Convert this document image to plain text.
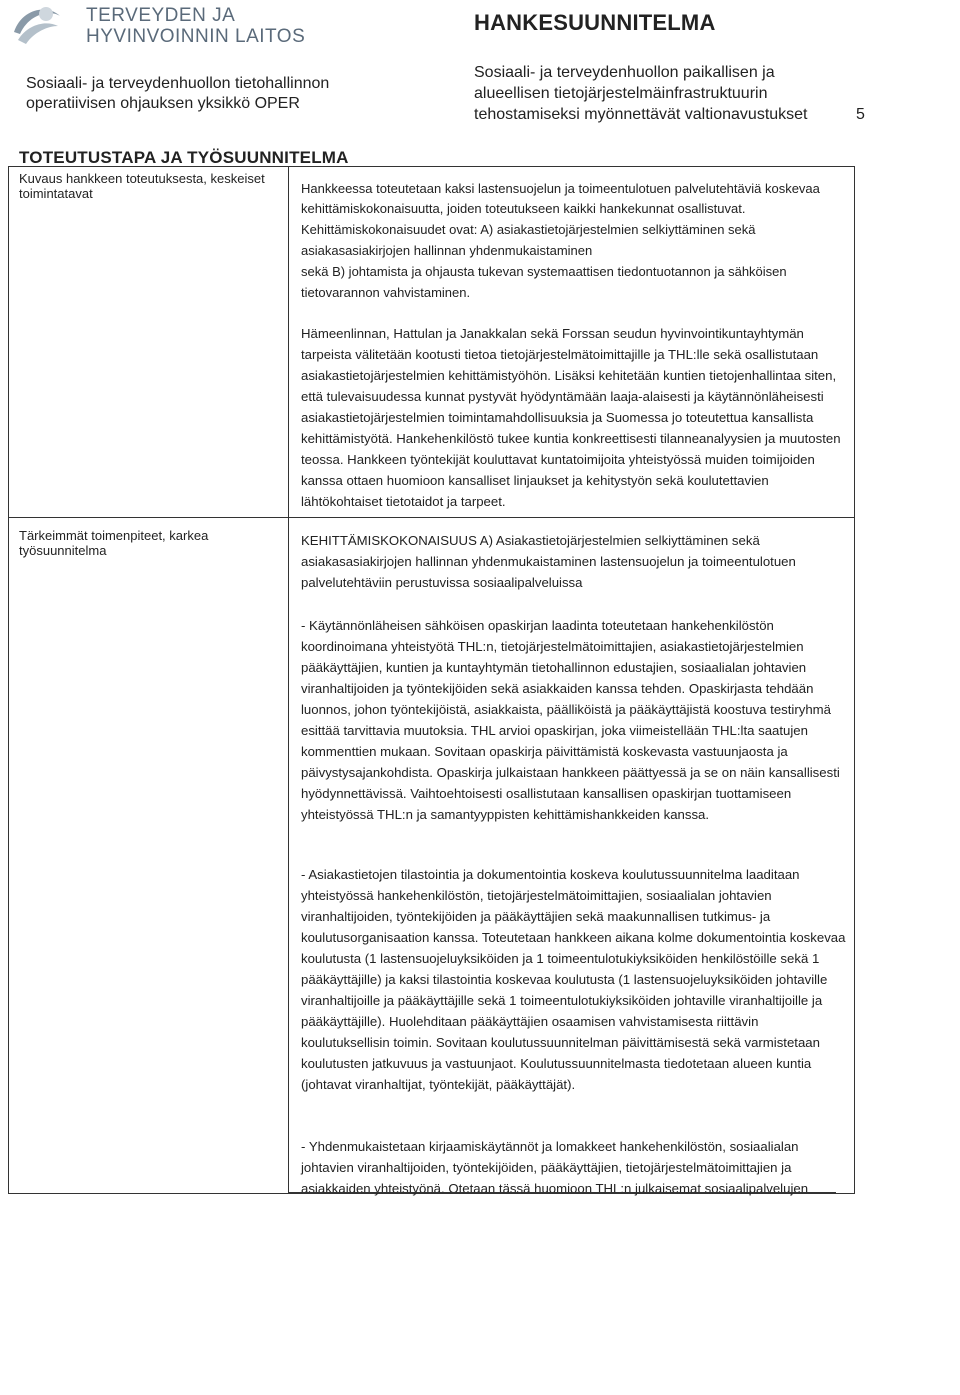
TERVEYDEN JA
HYVINVOINNIN LAITOS
Sosiaali- ja terveydenhuollon tietohallinnon
operatiivisen ohjauksen yksikkö OPER
HANKESUUNNITELMA
Sosiaali- ja terveydenhuollon paikallisen ja
alueellisen tietojärjestelmäinfrastruktuurin
tehostamiseksi myönnettävät valtionavustukset	5
TOTEUTUSTAPA JA TYÖSUUNNITELMA
Kuvaus hankkeen toteutuksesta, keskeiset toimintatavat	Hankkeessa toteutetaan kaksi lastensuojelun ja toimeentulotuen palvelutehtäviä koskevaa kehittämiskokonaisuutta, joiden toteutukseen kaikki hankekunnat osallistuvat.
Kehittämiskokonaisuudet ovat: A) asiakastietojärjestelmien selkiyttäminen sekä asiakasasiakirjojen hallinnan yhdenmukaistaminen
sekä B) johtamista ja ohjausta tukevan systemaattisen tiedontuotannon ja sähköisen tietovarannon vahvistaminen.
Hämeenlinnan, Hattulan ja Janakkalan sekä Forssan seudun hyvinvointikuntayhtymän tarpeista välitetään kootusti tietoa tietojärjestelmätoimittajille ja THL:lle sekä osallistutaan asiakastietojärjestelmien kehittämistyöhön. Lisäksi kehitetään kuntien tietojenhallintaa siten, että tulevaisuudessa kunnat pystyvät hyödyntämään laaja-alaisesti ja käytännönläheisesti asiakastietojärjestelmien toimintamahdollisuuksia ja Suomessa jo toteutettua kansallista kehittämistyötä. Hankehenkilöstö tukee kuntia konkreettisesti tilanneanalyysien ja muutosten teossa. Hankkeen työntekijät kouluttavat kuntatoimijoita yhteistyössä muiden toimijoiden kanssa ottaen huomioon kansalliset linjaukset ja kehitystyön sekä koulutettavien lähtökohtaiset tietotaidot ja tarpeet.
Tärkeimmät toimenpiteet, karkea työsuunnitelma
KEHITTÄMISKOKONAISUUS A) Asiakastietojärjestelmien selkiyttäminen sekä asiakasasiakirjojen hallinnan yhdenmukaistaminen lastensuojelun ja toimeentulotuen palvelutehtäviin perustuvissa sosiaalipalveluissa
- Käytännönläheisen sähköisen opaskirjan laadinta toteutetaan hankehenkilöstön koordinoimana yhteistyötä THL:n, tietojärjestelmätoimittajien, asiakastietojärjestelmien pääkäyttäjien, kuntien ja kuntayhtymän tietohallinnon edustajien, sosiaalialan johtavien viranhaltijoiden ja työntekijöiden sekä asiakkaiden kanssa tehden. Opaskirjasta tehdään luonnos, johon työntekijöistä, asiakkaista, päälliköistä ja pääkäyttäjistä koostuva testiryhmä esittää tarvittavia muutoksia. THL arvioi opaskirjan, joka viimeistellään THL:lta saatujen kommenttien mukaan. Sovitaan opaskirja päivittämistä koskevasta vastuunjaosta ja päivystysajankohdista. Opaskirja julkaistaan hankkeen päättyessä ja se on näin kansallisesti hyödynnettävissä. Vaihtoehtoisesti osallistutaan kansallisen opaskirjan tuottamiseen yhteistyössä THL:n ja samantyyppisten kehittämishankkeiden kanssa.
- Asiakastietojen tilastointia ja dokumentointia koskeva koulutussuunnitelma laaditaan yhteistyössä hankehenkilöstön, tietojärjestelmätoimittajien, sosiaalialan johtavien viranhaltijoiden, työntekijöiden ja pääkäyttäjien sekä maakunnallisen tutkimus- ja koulutusorganisaation kanssa. Toteutetaan hankkeen aikana kolme dokumentointia koskevaa koulutusta (1 lastensuojeluyksiköiden ja 1 toimeentulotukiyksiköiden henkilöstöille sekä 1 pääkäyttäjille) ja kaksi tilastointia koskevaa koulutusta (1 lastensuojeluyksiköiden johtaville viranhaltijoille ja pääkäyttäjille sekä 1 toimeentulotukiyksiköiden johtaville viranhaltijoille ja pääkäyttäjille). Huolehditaan pääkäyttäjien osaamisen vahvistamisesta riittävin koulutuksellisin toimin. Sovitaan koulutussuunnitelman päivittämisestä sekä varmistetaan koulutusten jatkuvuus ja vastuunjaot. Koulutussuunnitelmasta tiedotetaan alueen kuntia (johtavat viranhaltijat, työntekijät, pääkäyttäjät).
- Yhdenmukaistetaan kirjaamiskäytännöt ja lomakkeet hankehenkilöstön, sosiaalialan johtavien viranhaltijoiden, työntekijöiden, pääkäyttäjien, tietojärjestelmätoimittajien ja asiakkaiden yhteistyönä. Otetaan tässä huomioon THL:n julkaisemat sosiaalipalvelujen
